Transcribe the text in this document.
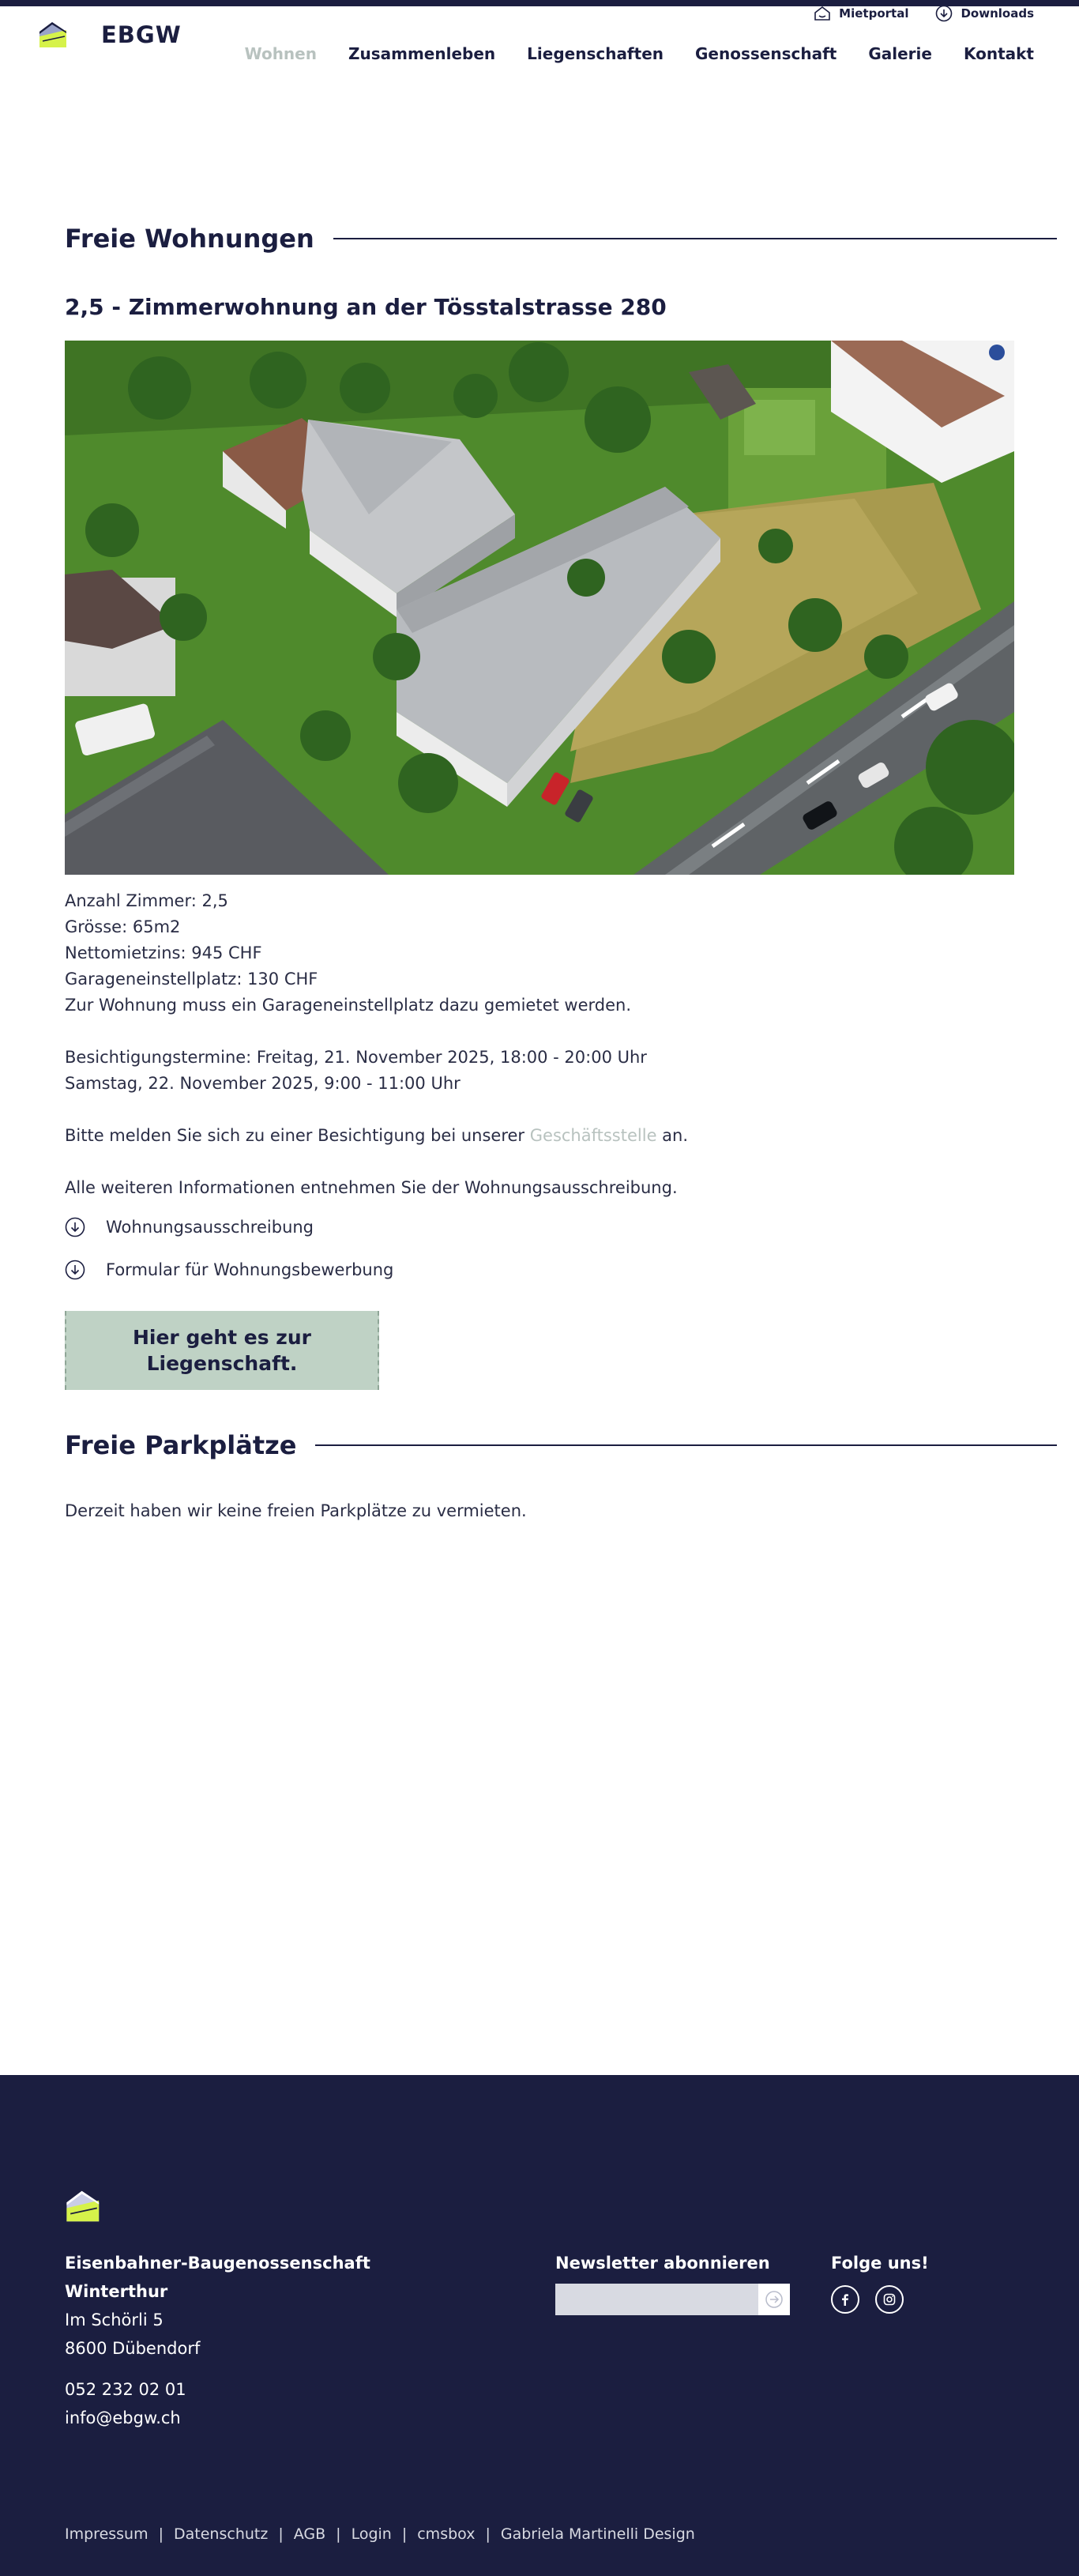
EBGW
Mietportal	Downloads
Wohnen Zusammenleben Liegenschaften Genossenschaft Galerie Kontakt
Freie Wohnungen
2,5 - Zimmerwohnung an der Tösstalstrasse 280

Anzahl Zimmer: 2,5

Grösse: 65m2

Nettomietzins: 945 CHF

Garageneinstellplatz: 130 CHF

Zur Wohnung muss ein Garageneinstellplatz dazu gemietet werden.

Besichtigungstermine: Freitag, 21. November 2025, 18:00 - 20:00 Uhr

Samstag, 22. November 2025, 9:00 - 11:00 Uhr

Bitte melden Sie sich zu einer Besichtigung bei unserer Geschäftsstelle an.

Alle weiteren Informationen entnehmen Sie der Wohnungsausschreibung.

Wohnungsausschreibung
Formular für Wohnungsbewerbung
Hier geht es zur
Liegenschaft.
Freie Parkplätze
Derzeit haben wir keine freien Parkplätze zu vermieten.
Eisenbahner-Baugenossenschaft
Winterthur
Im Schörli 5
8600 Dübendorf
052 232 02 01
info@ebgw.ch
Newsletter abonnieren	Folge uns!
Impressum | Datenschutz | AGB | Login | cmsbox | Gabriela Martinelli Design
